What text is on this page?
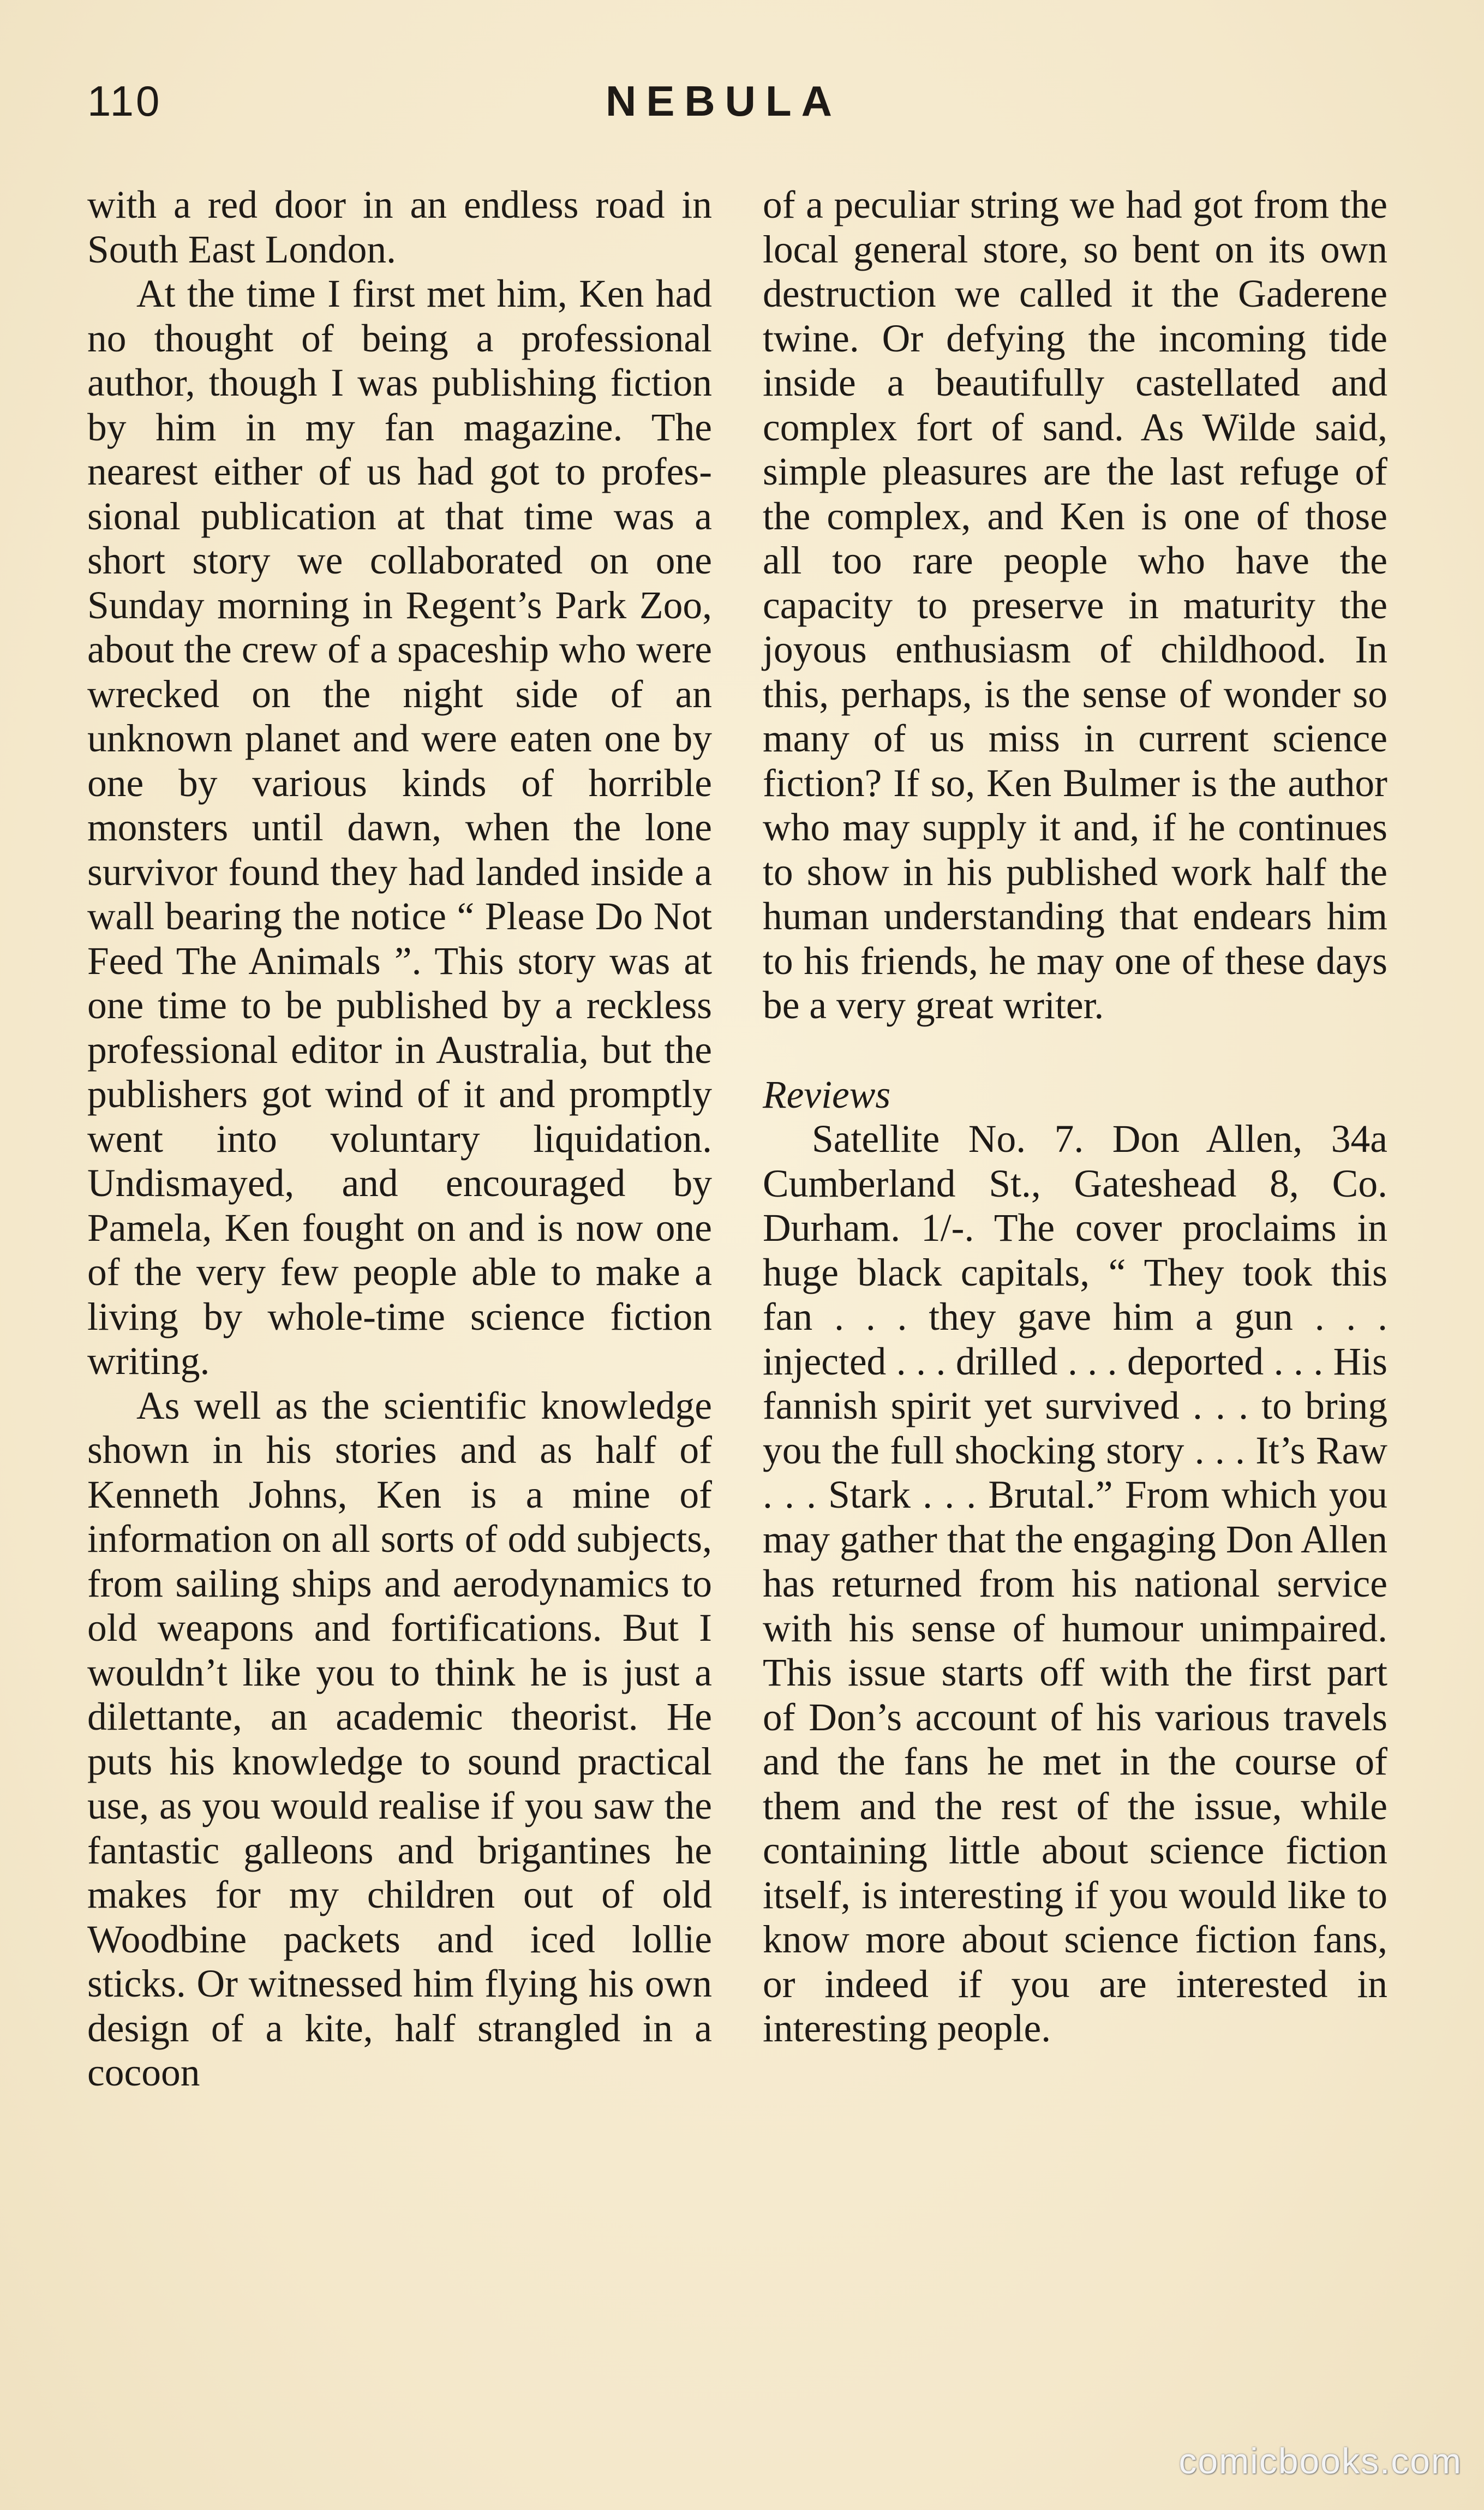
110	NEBULA

with a red door in an endless road in South East London.

At the time I first met him, Ken had no thought of being a professional author, though I was publishing fiction by him in my fan magazine. The nearest either of us had got to professional publication at that time was a short story we collaborated on one Sunday morning in Regent’s Park Zoo, about the crew of a spaceship who were wrecked on the night side of an unknown planet and were eaten one by one by various kinds of horrible monsters until dawn, when the lone survivor found they had landed inside a wall bearing the notice “ Please Do Not Feed The Animals ”. This story was at one time to be published by a reckless professional editor in Australia, but the publishers got wind of it and promptly went into voluntary liquidation. Undismayed, and encouraged by Pamela, Ken fought on and is now one of the very few people able to make a living by whole-time science fiction writing.

As well as the scientific knowledge shown in his stories and as half of Kenneth Johns, Ken is a mine of information on all sorts of odd subjects, from sailing ships and aerodynamics to old weapons and fortifications. But I wouldn’t like you to think he is just a dilettante, an academic theorist. He puts his knowledge to sound practical use, as you would realise if you saw the fantastic galleons and brigantines he makes for my children out of old Woodbine packets and iced lollie sticks. Or witnessed him flying his own design of a kite, half strangled in a cocoon

of a peculiar string we had got from the local general store, so bent on its own destruction we called it the Gaderene twine. Or defying the incoming tide inside a beautifully castellated and complex fort of sand. As Wilde said, simple pleasures are the last refuge of the complex, and Ken is one of those all too rare people who have the capacity to preserve in maturity the joyous enthusiasm of childhood. In this, perhaps, is the sense of wonder so many of us miss in current science fiction? If so, Ken Bulmer is the author who may supply it and, if he continues to show in his published work half the human understanding that endears him to his friends, he may one of these days be a very great writer.

Reviews

Satellite No. 7. Don Allen, 34a Cumberland St., Gateshead 8, Co. Durham. 1/-. The cover proclaims in huge black capitals, “ They took this fan . . . they gave him a gun . . . injected . . . drilled . . . deported . . . His fannish spirit yet survived . . . to bring you the full shocking story . . . It’s Raw . . . Stark . . . Brutal.” From which you may gather that the engaging Don Allen has returned from his national service with his sense of humour unimpaired. This issue starts off with the first part of Don’s account of his various travels and the fans he met in the course of them and the rest of the issue, while containing little about science fiction itself, is interesting if you would like to know more about science fiction fans, or indeed if you are interested in interesting people.

comicbooks.com
